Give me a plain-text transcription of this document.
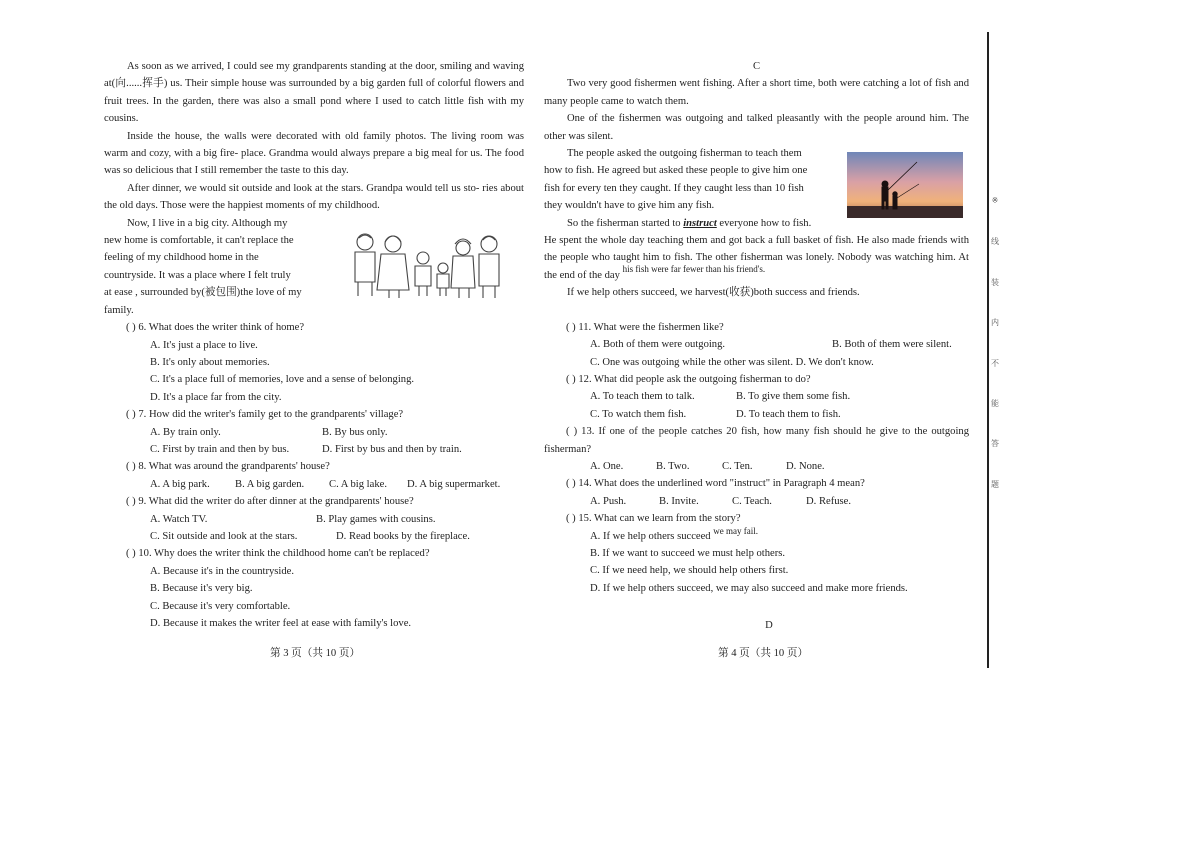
As soon as we arrived, I could see my grandparents standing at the door, smiling and waving at(向......挥手) us. Their simple house was surrounded by a big garden full of colorful flowers and fruit trees. In the garden, there was also a small pond where I used to catch little fish with my cousins.

Inside the house, the walls were decorated with old family photos. The living room was warm and cozy, with a big fire- place. Grandma would always prepare a big meal for us. The food was so delicious that I still remember the taste to this day.

After dinner, we would sit outside and look at the stars. Grandpa would tell us sto- ries about the old days. Those were the happiest moments of my childhood.

Now, I live in a big city. Although my

new home is comfortable, it can't replace the

feeling of my childhood home in the

countryside. It was a place where I felt truly

at ease , surrounded by(被包围)the love of my

family.

( ) 6. What does the writer think of home?

A. It's just a place to live.

B. It's only about memories.

C. It's a place full of memories, love and a sense of belonging.

D. It's a place far from the city.

( ) 7. How did the writer's family get to the grandparents' village?

A. By train only.	B. By bus only.
C. First by train and then by bus.	D. First by bus and then by train.

( ) 8. What was around the grandparents' house?

A. A big park.	B. A big garden.	C. A big lake.	D. A big supermarket.

( ) 9. What did the writer do after dinner at the grandparents' house?

A. Watch TV.	B. Play games with cousins.
C. Sit outside and look at the stars.	D. Read books by the fireplace.

( ) 10. Why does the writer think the childhood home can't be replaced?

A. Because it's in the countryside.

B. Because it's very big.

C. Because it's very comfortable.

D. Because it makes the writer feel at ease with family's love.

第 3 页（共 10 页）

C

Two very good fishermen went fishing. After a short time, both were catching a lot of fish and many people came to watch them.

One of the fishermen was outgoing and talked pleasantly with the people around him. The other was silent.

The people asked the outgoing fisherman to teach them

how to fish. He agreed but asked these people to give him one

fish for every ten they caught. If they caught less than 10 fish

they wouldn't have to give him any fish.

So the fisherman started to instruct everyone how to fish.

He spent the whole day teaching them and got back a full basket of fish. He also made friends with the people who taught him to fish. The other fisherman was lonely. Nobody was watching him. At the end of the day $^{his fish were far fewer than his friend's.}$

If we help others succeed, we harvest(收获)both success and friends.

( ) 11. What were the fishermen like?

A. Both of them were outgoing.	B. Both of them were silent.
C. One was outgoing while the other was silent. D. We don't know.

( ) 12. What did people ask the outgoing fisherman to do?

A. To teach them to talk.	B. To give them some fish.
C. To watch them fish.	D. To teach them to fish.

( ) 13. If one of the people catches 20 fish, how many fish should he give to the outgoing fisherman?

A. One.	B. Two.	C. Ten.	D. None.

( ) 14. What does the underlined word "instruct" in Paragraph 4 mean?

A. Push.	B. Invite.	C. Teach.	D. Refuse.

( ) 15. What can we learn from the story?

A. If we help others succeed $^{we may fail.}$

B. If we want to succeed we must help others.

C. If we need help, we should help others first.

D. If we help others succeed, we may also succeed and make more friends.

D
第 4 页（共 10 页）
※
线
装
内
不
能
答
题
